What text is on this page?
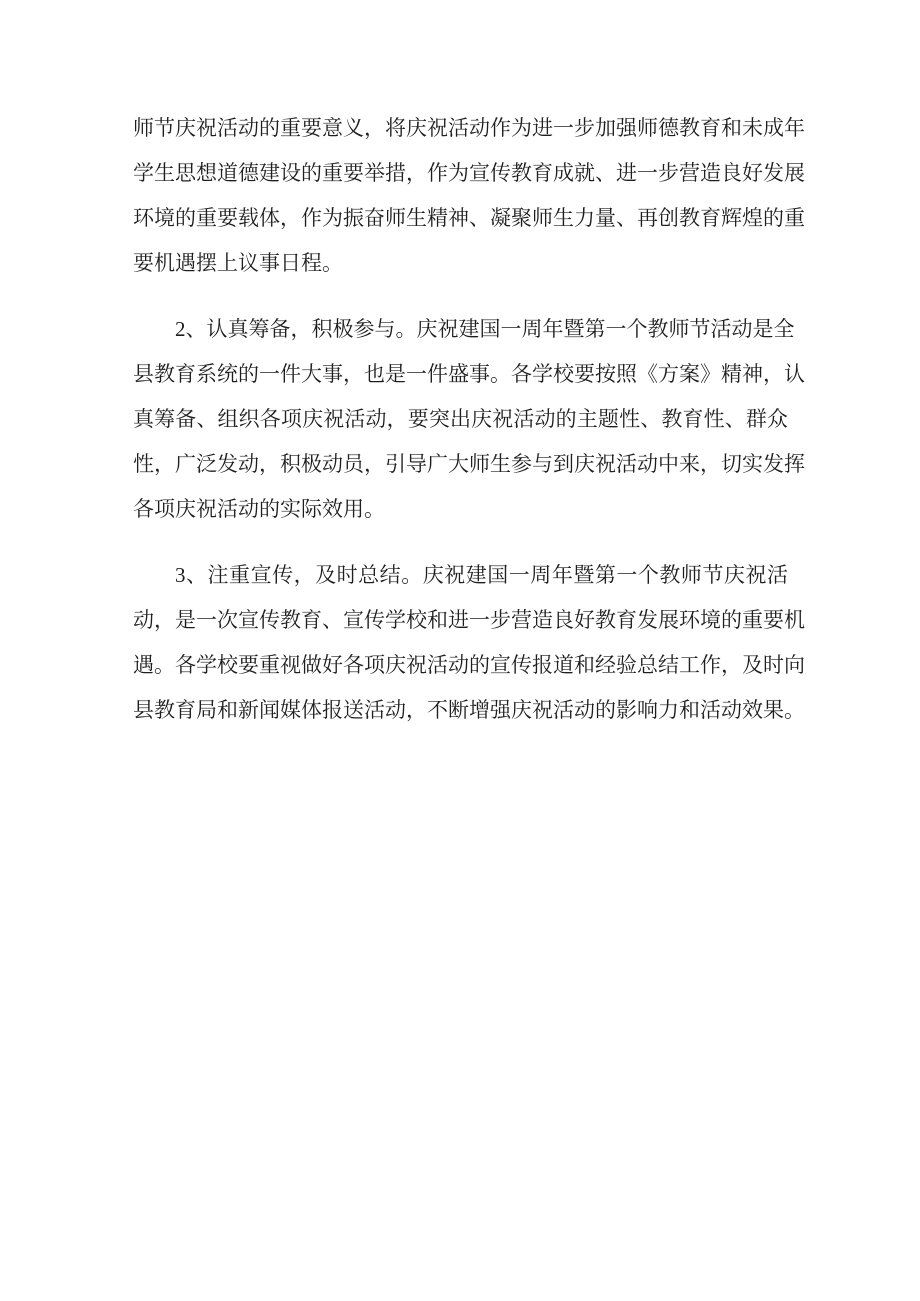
师节庆祝活动的重要意义，将庆祝活动作为进一步加强师德教育和未成年
学生思想道德建设的重要举措，作为宣传教育成就、进一步营造良好发展
环境的重要载体，作为振奋师生精神、凝聚师生力量、再创教育辉煌的重
要机遇摆上议事日程。
2、认真筹备，积极参与。庆祝建国一周年暨第一个教师节活动是全
县教育系统的一件大事，也是一件盛事。各学校要按照《方案》精神，认
真筹备、组织各项庆祝活动，要突出庆祝活动的主题性、教育性、群众
性，广泛发动，积极动员，引导广大师生参与到庆祝活动中来，切实发挥
各项庆祝活动的实际效用。
3、注重宣传，及时总结。庆祝建国一周年暨第一个教师节庆祝活
动，是一次宣传教育、宣传学校和进一步营造良好教育发展环境的重要机
遇。各学校要重视做好各项庆祝活动的宣传报道和经验总结工作，及时向
县教育局和新闻媒体报送活动，不断增强庆祝活动的影响力和活动效果。
